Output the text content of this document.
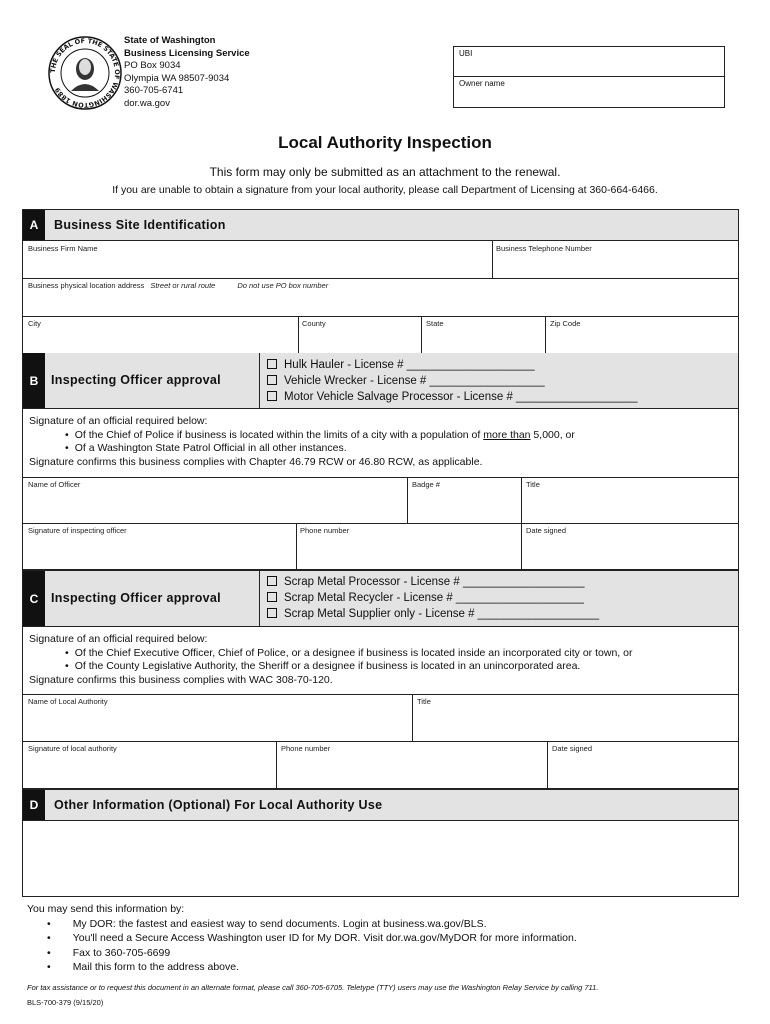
THE SEAL OF THE STATE OF WASHINGTON 1889
State of Washington
Business Licensing Service
PO Box 9034
Olympia WA 98507-9034
360-705-6741
dor.wa.gov
UBI
Owner name
Local Authority Inspection
This form may only be submitted as an attachment to the renewal.
If you are unable to obtain a signature from your local authority, please call Department of Licensing at 360-664-6466.
A	Business Site Identification
Business Firm Name	Business Telephone Number
Business physical location address Street or rural route	Do not use PO box number
City	County	State	Zip Code
B	Inspecting Officer approval
Hulk Hauler - License # ____________________
Vehicle Wrecker - License # __________________
Motor Vehicle Salvage Processor - License # ___________________
Signature of an official required below:
• Of the Chief of Police if business is located within the limits of a city with a population of more than 5,000, or
• Of a Washington State Patrol Official in all other instances.
Signature confirms this business complies with Chapter 46.79 RCW or 46.80 RCW, as applicable.
Name of Officer	Badge #	Title
Signature of inspecting officer	Phone number	Date signed
C	Inspecting Officer approval
Scrap Metal Processor - License # ___________________
Scrap Metal Recycler - License # ____________________
Scrap Metal Supplier only - License # ___________________
Signature of an official required below:
• Of the Chief Executive Officer, Chief of Police, or a designee if business is located inside an incorporated city or town, or
• Of the County Legislative Authority, the Sheriff or a designee if business is located in an unincorporated area.
Signature confirms this business complies with WAC 308-70-120.
Name of Local Authority	Title
Signature of local authority	Phone number	Date signed
D	Other Information (Optional) For Local Authority Use
You may send this information by:
• My DOR: the fastest and easiest way to send documents. Login at business.wa.gov/BLS.
• You'll need a Secure Access Washington user ID for My DOR. Visit dor.wa.gov/MyDOR for more information.
• Fax to 360-705-6699
• Mail this form to the address above.
For tax assistance or to request this document in an alternate format, please call 360-705-6705. Teletype (TTY) users may use the Washington Relay Service by calling 711.
BLS-700-379 (9/15/20)
